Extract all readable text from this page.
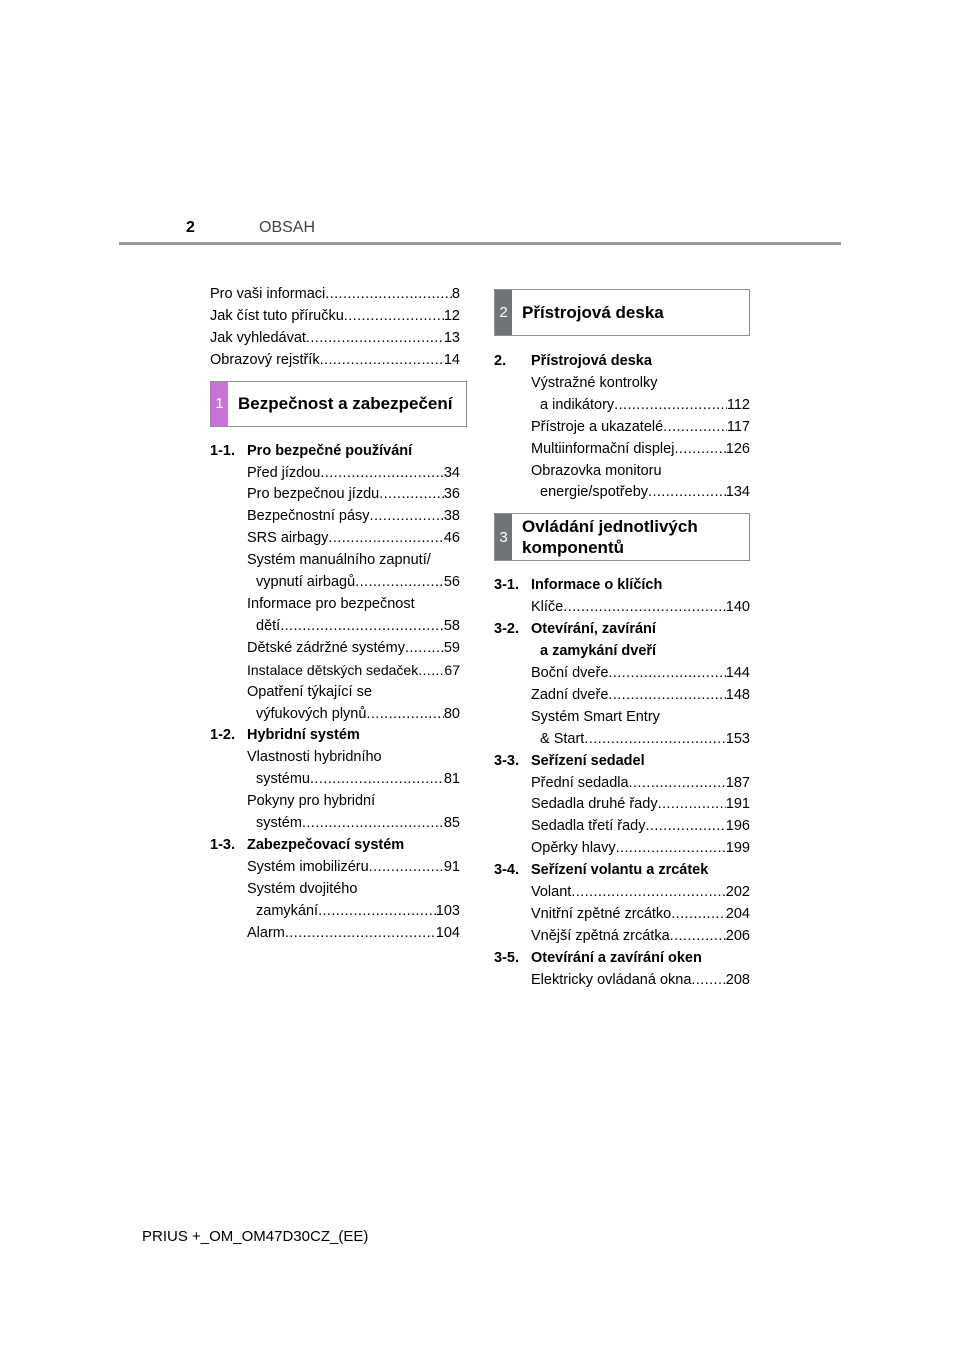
2	OBSAH
Pro vaši informaci .....	8
Jak číst tuto příručku .....	12
Jak vyhledávat .....	13
Obrazový rejstřík .....	14
1 Bezpečnost a zabezpečení
1-1. Pro bezpečné používání
Před jízdou .....	34
Pro bezpečnou jízdu .....	36
Bezpečnostní pásy .....	38
SRS airbagy .....	46
Systém manuálního zapnutí/
vypnutí airbagů .....	56
Informace pro bezpečnost
dětí .....	58
Dětské zádržné systémy .....	59
Instalace dětských sedaček ..... 67
Opatření týkající se
výfukových plynů .....	80
1-2. Hybridní systém
Vlastnosti hybridního
systému .....	81
Pokyny pro hybridní
systém .....	85
1-3. Zabezpečovací systém
Systém imobilizéru .....	91
Systém dvojitého
zamykání .....	103
Alarm .....	104
2 Přístrojová deska
2.	Přístrojová deska
Výstražné kontrolky
a indikátory .....	112
Přístroje a ukazatelé .....	117
Multiinformační displej .....	126
Obrazovka monitoru
energie/spotřeby .....	134
3
Ovládání jednotlivých
komponentů
3-1. Informace o klíčích
Klíče .....	140
3-2. Otevírání, zavírání
a zamykání dveří
Boční dveře .....	144
Zadní dveře .....	148
Systém Smart Entry
& Start .....	153
3-3. Seřízení sedadel
Přední sedadla .....	187
Sedadla druhé řady .....	191
Sedadla třetí řady .....	196
Opěrky hlavy .....	199
3-4. Seřízení volantu a zrcátek
Volant .....	202
Vnitřní zpětné zrcátko .....	204
Vnější zpětná zrcátka .....	206
3-5. Otevírání a zavírání oken
Elektricky ovládaná okna ..... 208
PRIUS +_OM_OM47D30CZ_(EE)
